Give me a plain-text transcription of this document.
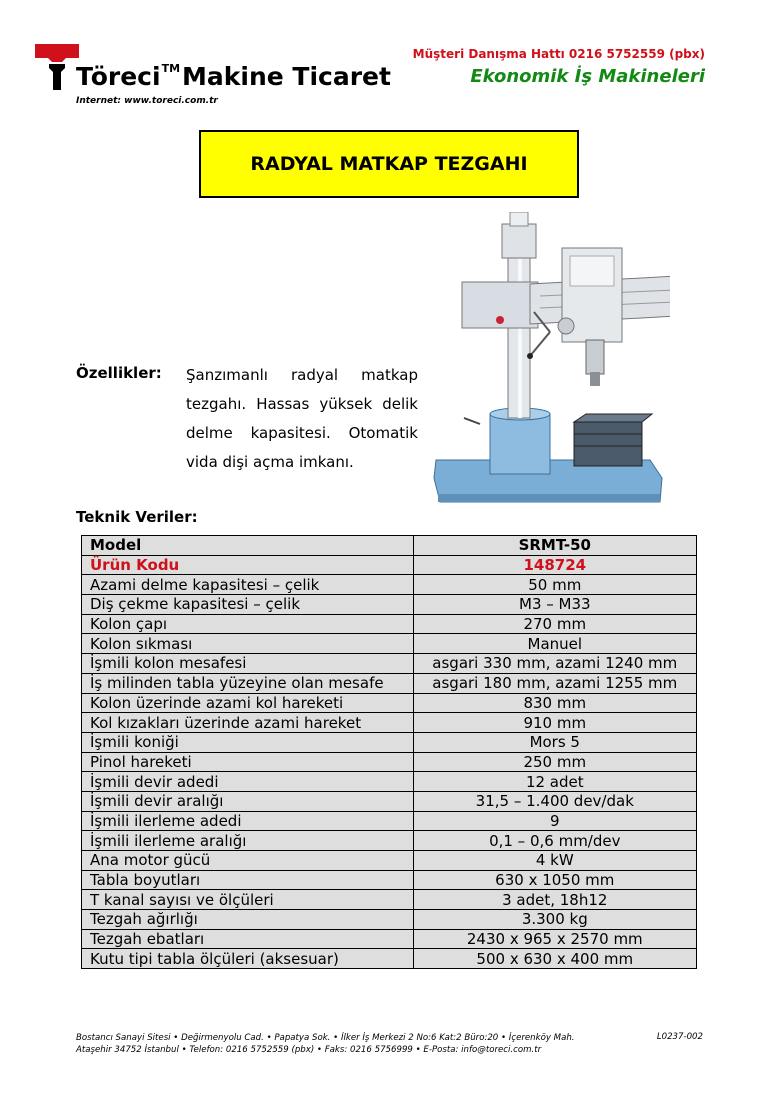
Töreci™Makine Ticaret
Internet: www.toreci.com.tr
Müşteri Danışma Hattı 0216 5752559 (pbx)
Ekonomik İş Makineleri
RADYAL MATKAP TEZGAHI
Özellikler: Şanzımanlı radyal matkap tezgahı. Hassas yüksek delik delme kapasitesi. Otomatik vida dişi açma imkanı.
Teknik Veriler:
Model	SRMT-50
Ürün Kodu	148724
Azami delme kapasitesi – çelik	50 mm
Diş çekme kapasitesi – çelik	M3 – M33
Kolon çapı	270 mm
Kolon sıkması	Manuel
İşmili kolon mesafesi	asgari 330 mm, azami 1240 mm
İş milinden tabla yüzeyine olan mesafe	asgari 180 mm, azami 1255 mm
Kolon üzerinde azami kol hareketi	830 mm
Kol kızakları üzerinde azami hareket	910 mm
İşmili koniği	Mors 5
Pinol hareketi	250 mm
İşmili devir adedi	12 adet
İşmili devir aralığı	31,5 – 1.400 dev/dak
İşmili ilerleme adedi	9
İşmili ilerleme aralığı	0,1 – 0,6 mm/dev
Ana motor gücü	4 kW
Tabla boyutları	630 x 1050 mm
T kanal sayısı ve ölçüleri	3 adet, 18h12
Tezgah ağırlığı	3.300 kg
Tezgah ebatları	2430 x 965 x 2570 mm
Kutu tipi tabla ölçüleri (aksesuar)	500 x 630 x 400 mm
Bostancı Sanayi Sitesi • Değirmenyolu Cad. • Papatya Sok. • İlker İş Merkezi 2 No:6 Kat:2 Büro:20 • İçerenköy Mah.
Ataşehir 34752 İstanbul • Telefon: 0216 5752559 (pbx) • Faks: 0216 5756999 • E-Posta: info@toreci.com.tr
L0237-002
